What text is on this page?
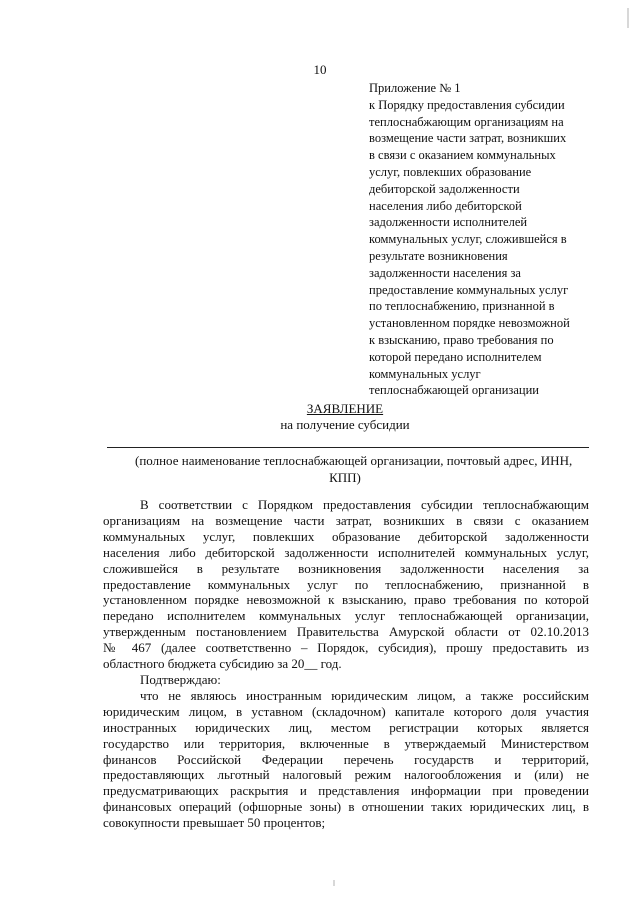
10
Приложение № 1
к Порядку предоставления субсидии
теплоснабжающим организациям на
возмещение части затрат, возникших
в связи с оказанием коммунальных
услуг, повлекших образование
дебиторской задолженности
населения либо дебиторской
задолженности исполнителей
коммунальных услуг, сложившейся в
результате возникновения
задолженности населения за
предоставление коммунальных услуг
по теплоснабжению, признанной в
установленном порядке невозможной
к взысканию, право требования по
которой передано исполнителем
коммунальных услуг
теплоснабжающей организации
ЗАЯВЛЕНИЕ
на получение субсидии
(полное наименование теплоснабжающей организации, почтовый адрес, ИНН,
КПП)
В соответствии с Порядком предоставления субсидии теплоснабжающим
организациям на возмещение части затрат, возникших в связи с оказанием
коммунальных услуг, повлекших образование дебиторской задолженности
населения либо дебиторской задолженности исполнителей коммунальных услуг,
сложившейся в результате возникновения задолженности населения за
предоставление коммунальных услуг по теплоснабжению, признанной в
установленном порядке невозможной к взысканию, право требования по которой
передано исполнителем коммунальных услуг теплоснабжающей организации,
утвержденным постановлением Правительства Амурской области от 02.10.2013
№ 467 (далее соответственно – Порядок, субсидия), прошу предоставить из
областного бюджета субсидию за 20__ год.
Подтверждаю:
что не являюсь иностранным юридическим лицом, а также российским
юридическим лицом, в уставном (складочном) капитале которого доля участия
иностранных юридических лиц, местом регистрации которых является
государство или территория, включенные в утверждаемый Министерством
финансов Российской Федерации перечень государств и территорий,
предоставляющих льготный налоговый режим налогообложения и (или) не
предусматривающих раскрытия и представления информации при проведении
финансовых операций (офшорные зоны) в отношении таких юридических лиц, в
совокупности превышает 50 процентов;
